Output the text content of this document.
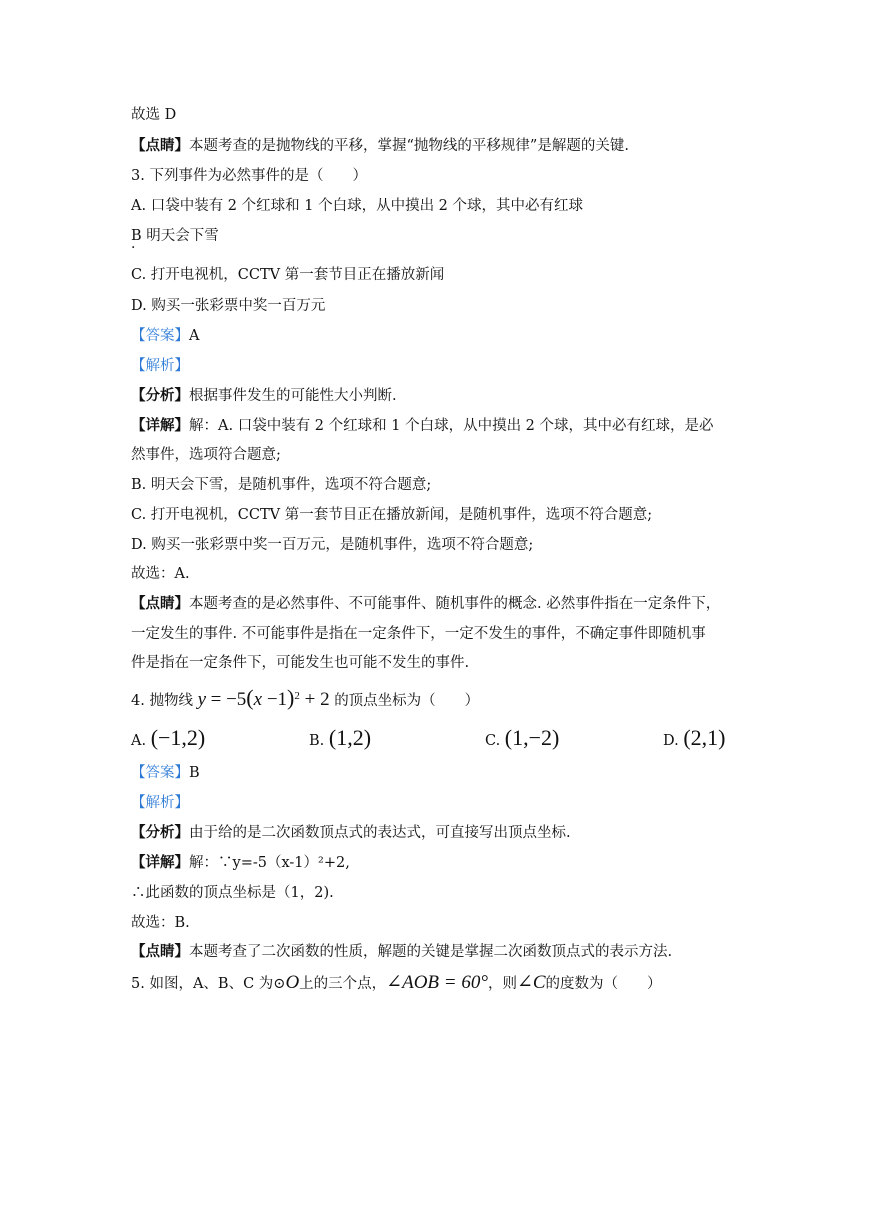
故选 D
【点睛】本题考查的是抛物线的平移，掌握“抛物线的平移规律”是解题的关键.
3. 下列事件为必然事件的是（　　）
A. 口袋中装有 2 个红球和 1 个白球，从中摸出 2 个球，其中必有红球
B 明天会下雪
·
C. 打开电视机，CCTV 第一套节目正在播放新闻
D. 购买一张彩票中奖一百万元
【答案】A
【解析】
【分析】根据事件发生的可能性大小判断.
【详解】解：A. 口袋中装有 2 个红球和 1 个白球，从中摸出 2 个球，其中必有红球，是必
然事件，选项符合题意;
B. 明天会下雪，是随机事件，选项不符合题意;
C. 打开电视机，CCTV 第一套节目正在播放新闻，是随机事件，选项不符合题意;
D. 购买一张彩票中奖一百万元，是随机事件，选项不符合题意;
故选：A.
【点睛】本题考查的是必然事件、不可能事件、随机事件的概念. 必然事件指在一定条件下，
一定发生的事件. 不可能事件是指在一定条件下，一定不发生的事件，不确定事件即随机事
件是指在一定条件下，可能发生也可能不发生的事件.
4. 抛物线 $y = -5(x -1)^2 + 2$ 的顶点坐标为（　　）
A. (−1,2)	B. (1,2)	C. (1,−2)	D. (2,1)
【答案】B
【解析】
【分析】由于给的是二次函数顶点式的表达式，可直接写出顶点坐标.
【详解】解：∵y=-5（x-1）²+2,
∴此函数的顶点坐标是（1，2).
故选：B.
【点睛】本题考查了二次函数的性质，解题的关键是掌握二次函数顶点式的表示方法.
5. 如图，A、B、C 为⊙O上的三个点，∠AOB = 60°，则∠C的度数为（　　）
